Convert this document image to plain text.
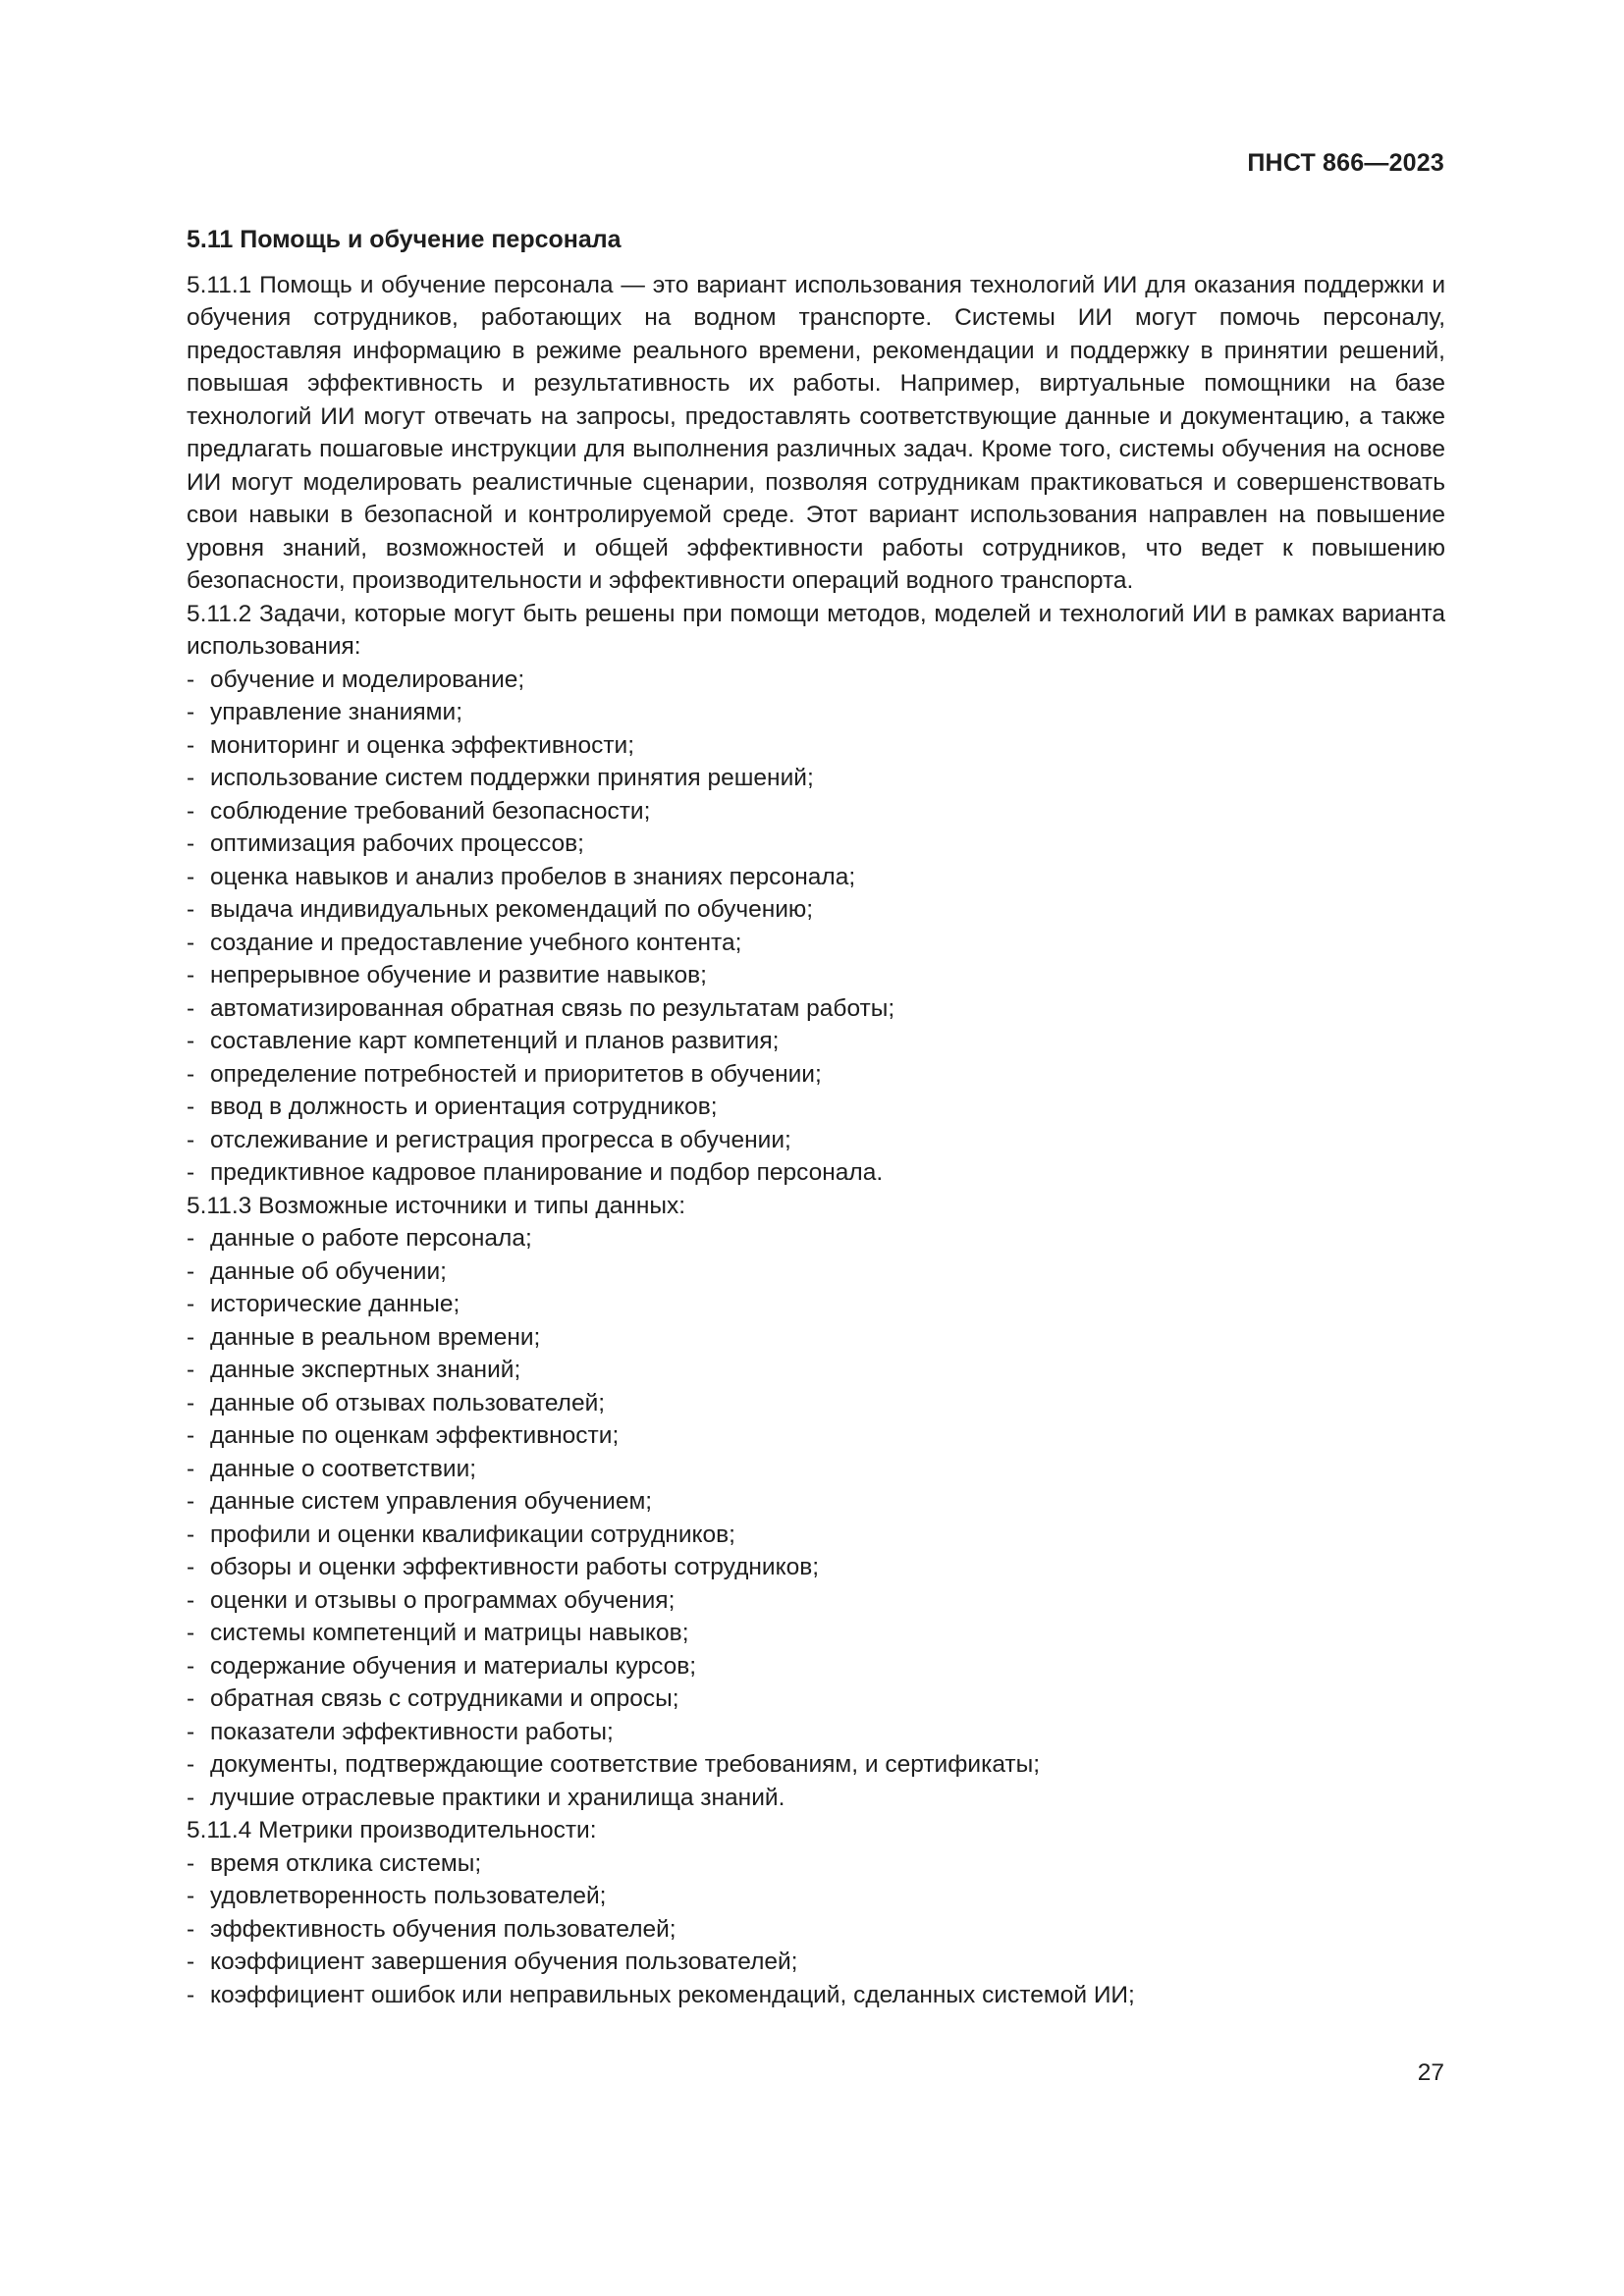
ПНСТ 866—2023
5.11 Помощь и обучение персонала

5.11.1 Помощь и обучение персонала — это вариант использования технологий ИИ для оказания поддержки и обучения сотрудников, работающих на водном транспорте. Системы ИИ могут помочь персоналу, предоставляя информацию в режиме реального времени, рекомендации и поддержку в принятии решений, повышая эффективность и результативность их работы. Например, виртуальные помощники на базе технологий ИИ могут отвечать на запросы, предоставлять соответствующие данные и документацию, а также предлагать пошаговые инструкции для выполнения различных задач. Кроме того, системы обучения на основе ИИ могут моделировать реалистичные сценарии, позволяя сотрудникам практиковаться и совершенствовать свои навыки в безопасной и контролируемой среде. Этот вариант использования направлен на повышение уровня знаний, возможностей и общей эффективности работы сотрудников, что ведет к повышению безопасности, производительности и эффективности операций водного транспорта.

5.11.2 Задачи, которые могут быть решены при помощи методов, моделей и технологий ИИ в рамках варианта использования:

- обучение и моделирование;
- управление знаниями;
- мониторинг и оценка эффективности;
- использование систем поддержки принятия решений;
- соблюдение требований безопасности;
- оптимизация рабочих процессов;
- оценка навыков и анализ пробелов в знаниях персонала;
- выдача индивидуальных рекомендаций по обучению;
- создание и предоставление учебного контента;
- непрерывное обучение и развитие навыков;
- автоматизированная обратная связь по результатам работы;
- составление карт компетенций и планов развития;
- определение потребностей и приоритетов в обучении;
- ввод в должность и ориентация сотрудников;
- отслеживание и регистрация прогресса в обучении;
- предиктивное кадровое планирование и подбор персонала.

5.11.3 Возможные источники и типы данных:

- данные о работе персонала;
- данные об обучении;
- исторические данные;
- данные в реальном времени;
- данные экспертных знаний;
- данные об отзывах пользователей;
- данные по оценкам эффективности;
- данные о соответствии;
- данные систем управления обучением;
- профили и оценки квалификации сотрудников;
- обзоры и оценки эффективности работы сотрудников;
- оценки и отзывы о программах обучения;
- системы компетенций и матрицы навыков;
- содержание обучения и материалы курсов;
- обратная связь с сотрудниками и опросы;
- показатели эффективности работы;
- документы, подтверждающие соответствие требованиям, и сертификаты;
- лучшие отраслевые практики и хранилища знаний.

5.11.4 Метрики производительности:

- время отклика системы;
- удовлетворенность пользователей;
- эффективность обучения пользователей;
- коэффициент завершения обучения пользователей;
- коэффициент ошибок или неправильных рекомендаций, сделанных системой ИИ;
27
